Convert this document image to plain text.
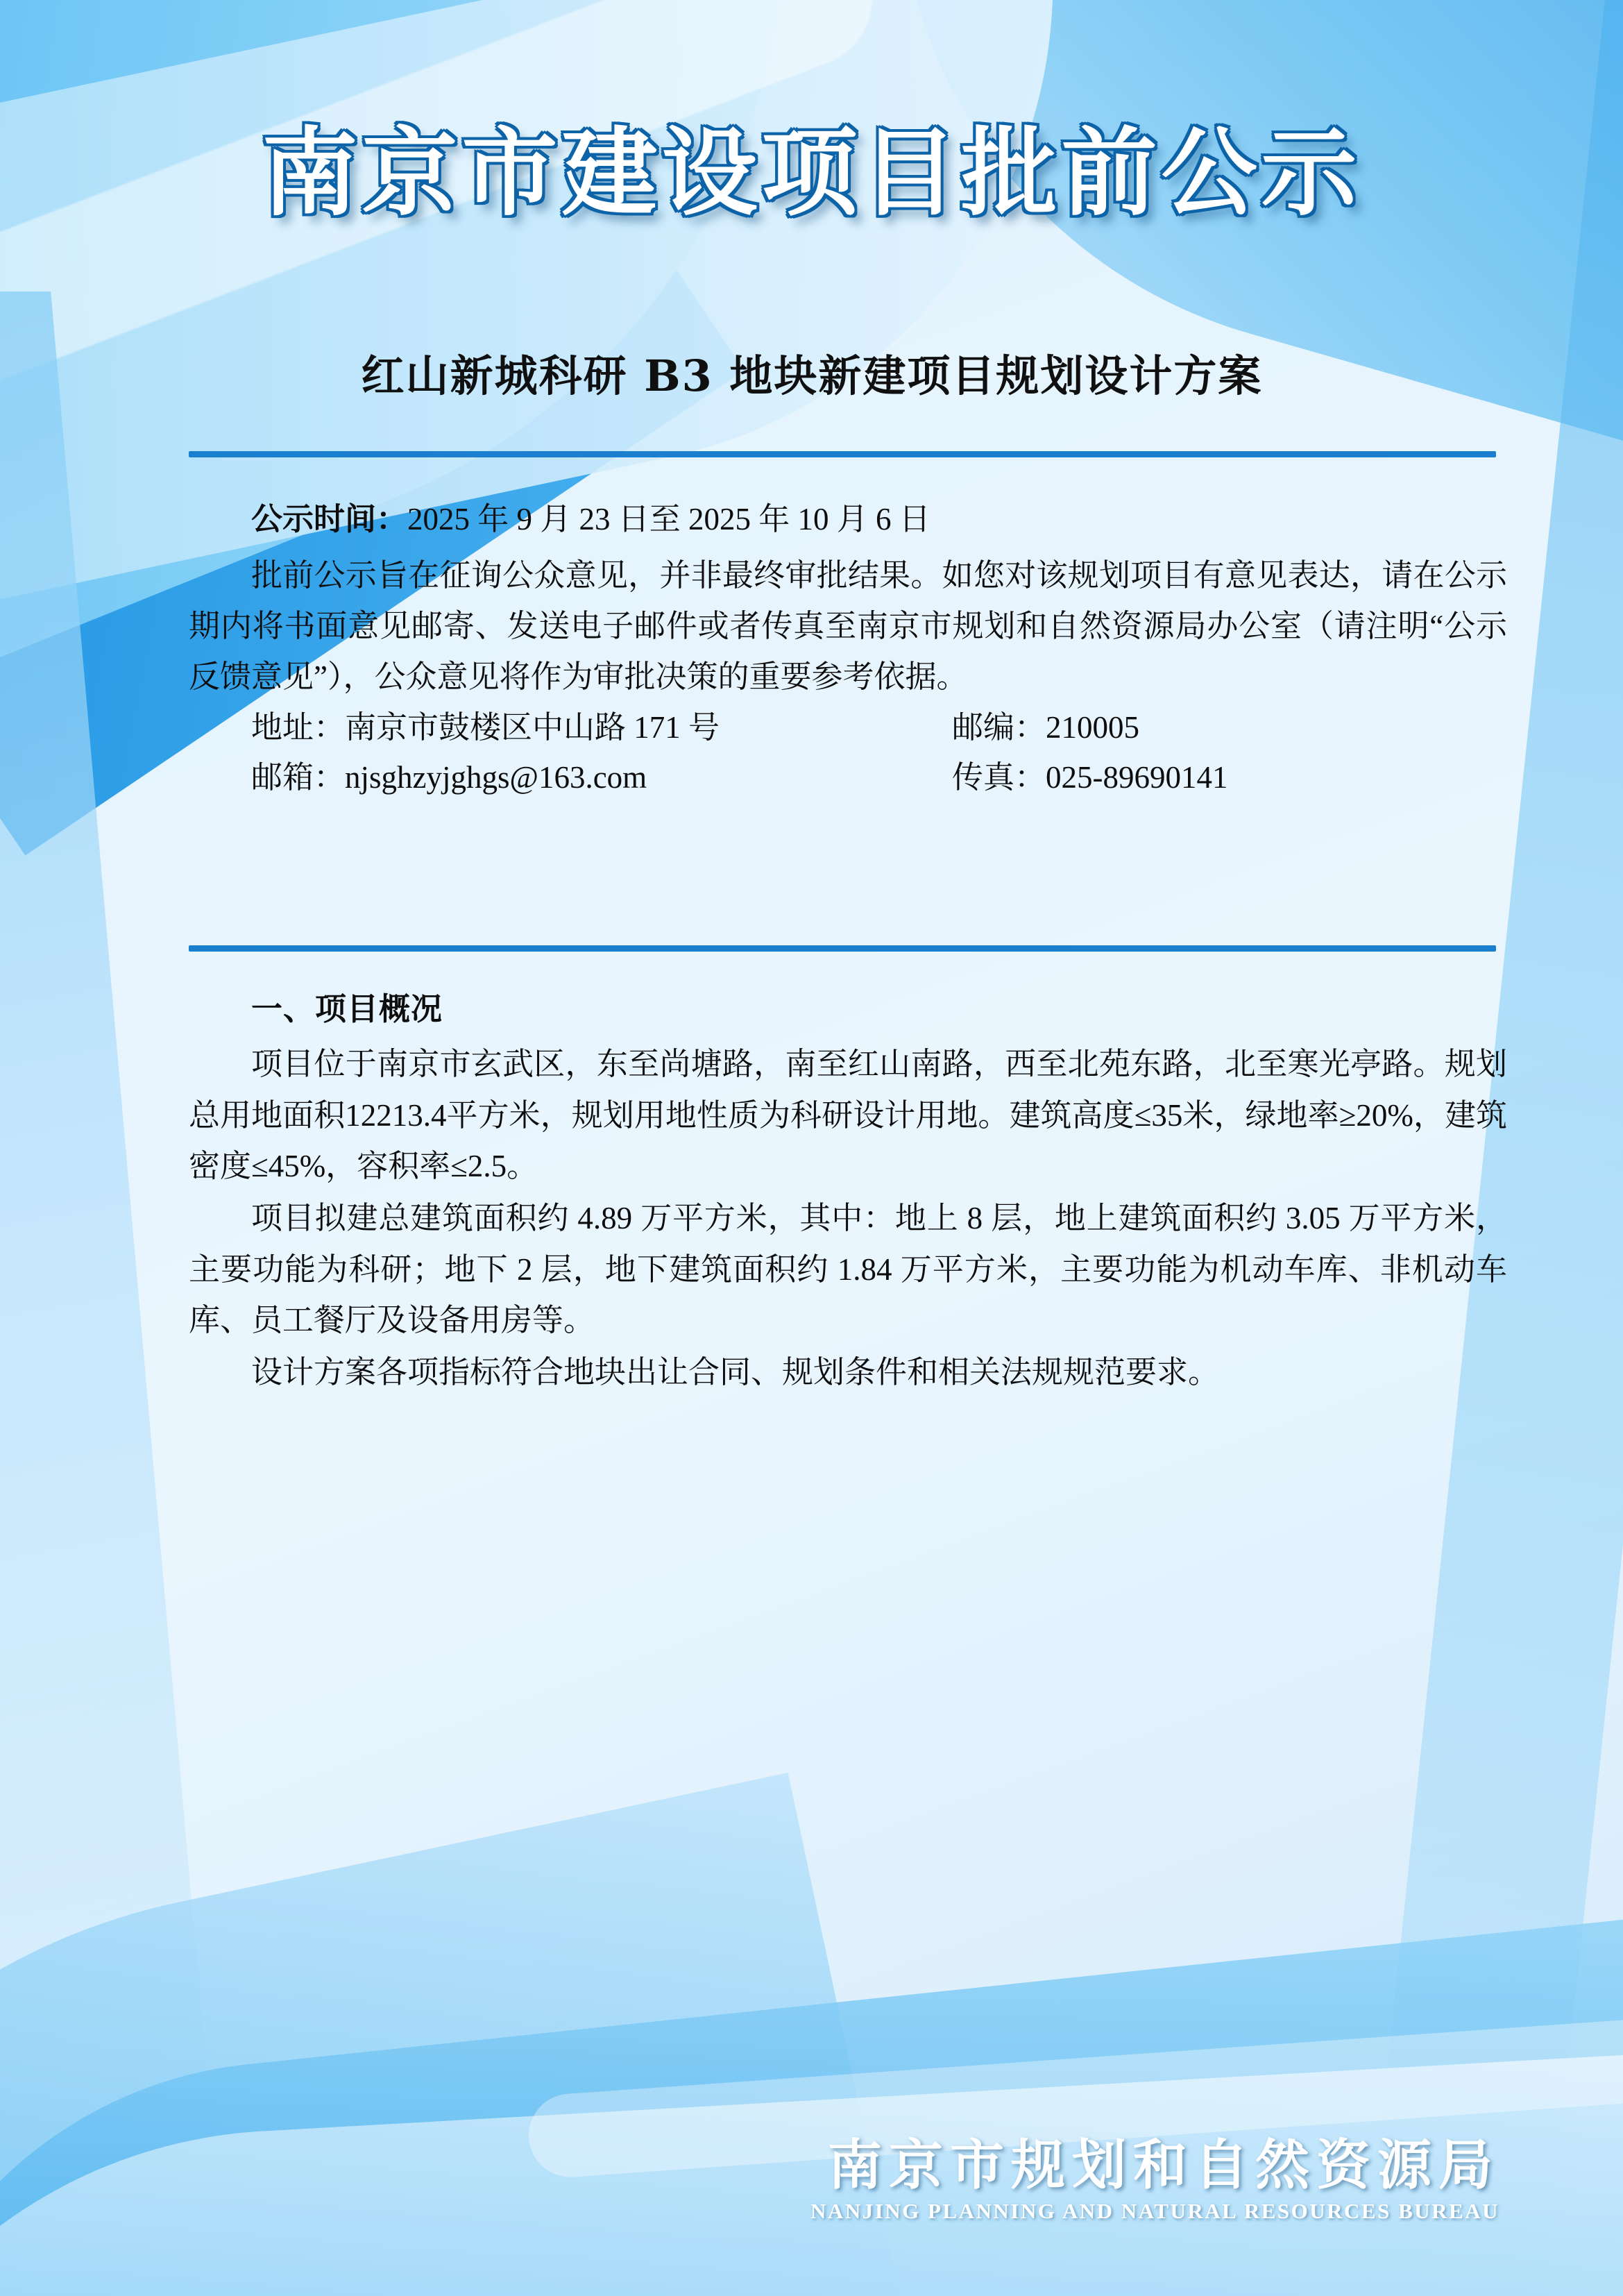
南京市建设项目批前公示
红山新城科研 B3 地块新建项目规划设计方案

公示时间：2025 年 9 月 23 日至 2025 年 10 月 6 日

批前公示旨在征询公众意见，并非最终审批结果。如您对该规划项目有意见表达，请在公示期内将书面意见邮寄、发送电子邮件或者传真至南京市规划和自然资源局办公室（请注明“公示反馈意见”），公众意见将作为审批决策的重要参考依据。

地址：南京市鼓楼区中山路 171 号	邮编：210005

邮箱：njsghzyjghgs@163.com	传真：025-89690141

一、项目概况

项目位于南京市玄武区，东至尚塘路，南至红山南路，西至北苑东路，北至寒光亭路。规划总用地面积12213.4平方米，规划用地性质为科研设计用地。建筑高度≤35米，绿地率≥20%，建筑密度≤45%，容积率≤2.5。

项目拟建总建筑面积约 4.89 万平方米，其中：地上 8 层，地上建筑面积约 3.05 万平方米，主要功能为科研；地下 2 层，地下建筑面积约 1.84 万平方米，主要功能为机动车库、非机动车库、员工餐厅及设备用房等。

设计方案各项指标符合地块出让合同、规划条件和相关法规规范要求。

南京市规划和自然资源局
NANJING PLANNING AND NATURAL RESOURCES BUREAU
